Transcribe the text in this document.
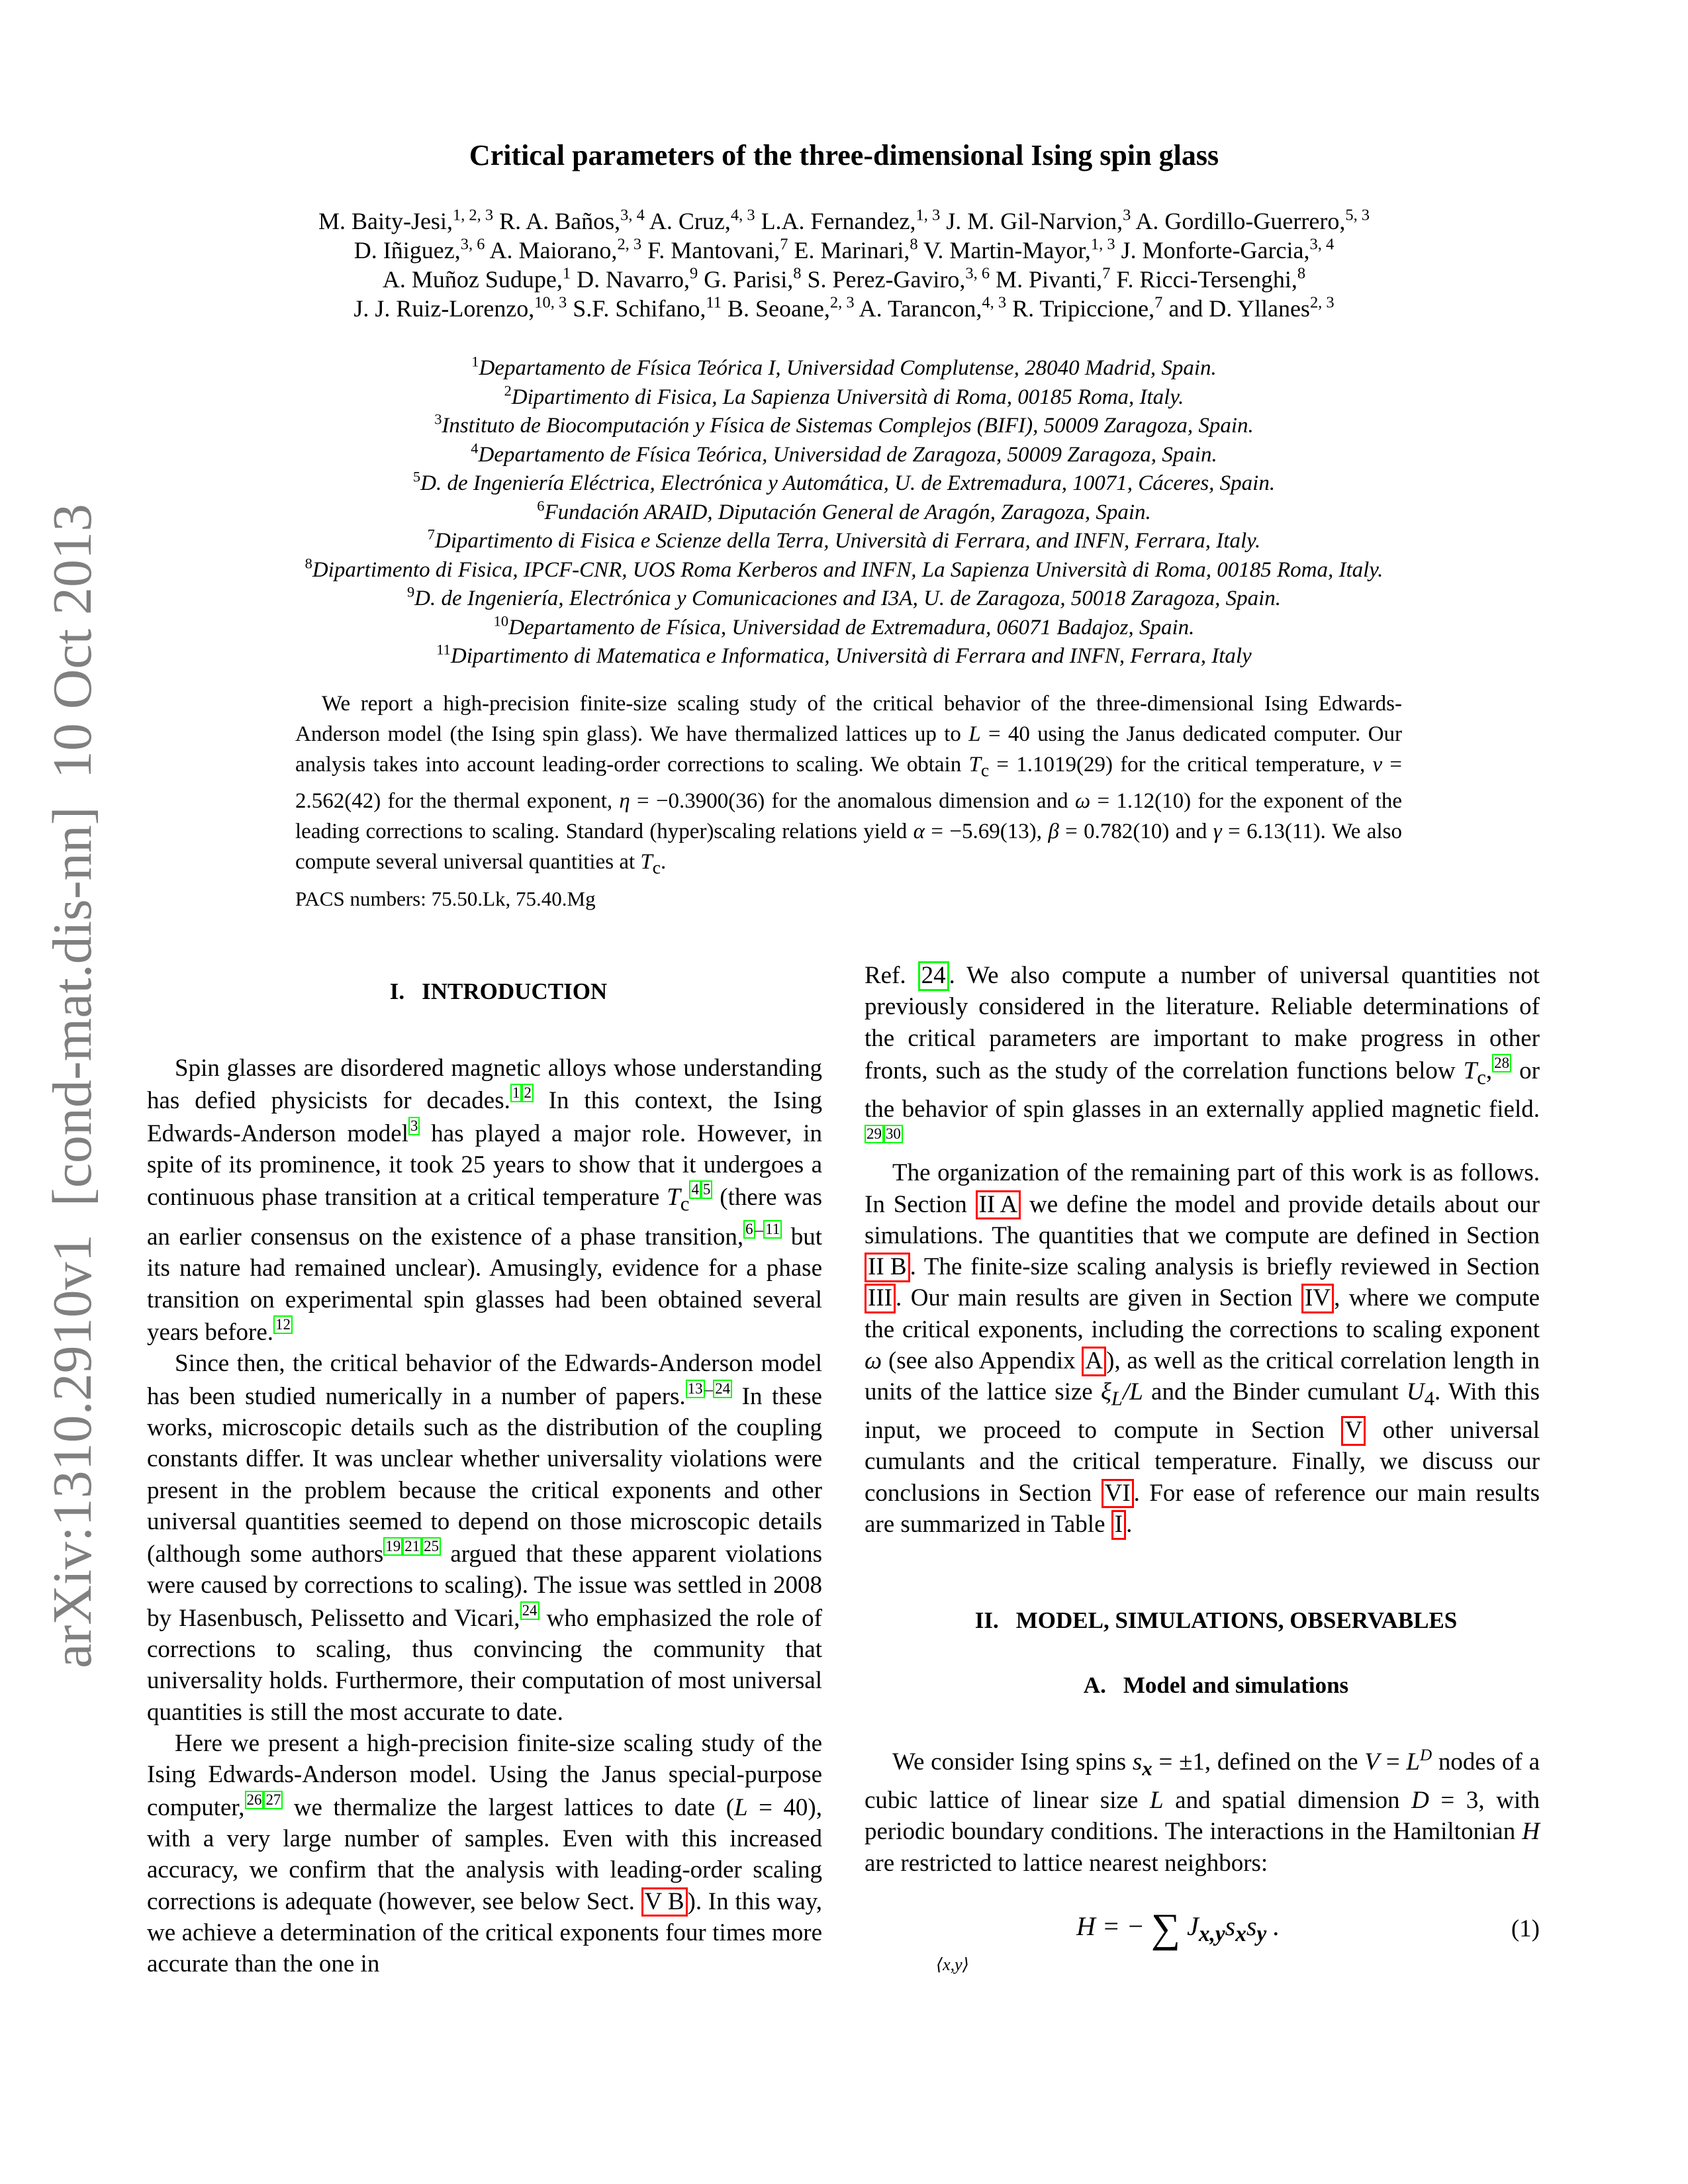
arXiv:1310.2910v1  [cond-mat.dis-nn]  10 Oct 2013
Critical parameters of the three-dimensional Ising spin glass
M. Baity-Jesi,$^{1, 2, 3}$ R. A. Baños,$^{3, 4}$ A. Cruz,$^{4, 3}$ L.A. Fernandez,$^{1, 3}$ J. M. Gil-Narvion,$^3$ A. Gordillo-Guerrero,$^{5, 3}$
D. Iñiguez,$^{3, 6}$ A. Maiorano,$^{2, 3}$ F. Mantovani,$^7$ E. Marinari,$^8$ V. Martin-Mayor,$^{1, 3}$ J. Monforte-Garcia,$^{3, 4}$
A. Muñoz Sudupe,$^1$ D. Navarro,$^9$ G. Parisi,$^8$ S. Perez-Gaviro,$^{3, 6}$ M. Pivanti,$^7$ F. Ricci-Tersenghi,$^8$
J. J. Ruiz-Lorenzo,$^{10, 3}$ S.F. Schifano,$^{11}$ B. Seoane,$^{2, 3}$ A. Tarancon,$^{4, 3}$ R. Tripiccione,$^7$ and D. Yllanes$^{2, 3}$
$^1$Departamento de Física Teórica I, Universidad Complutense, 28040 Madrid, Spain.
$^2$Dipartimento di Fisica, La Sapienza Università di Roma, 00185 Roma, Italy.
$^3$Instituto de Biocomputación y Física de Sistemas Complejos (BIFI), 50009 Zaragoza, Spain.
$^4$Departamento de Física Teórica, Universidad de Zaragoza, 50009 Zaragoza, Spain.
$^5$D. de Ingeniería Eléctrica, Electrónica y Automática, U. de Extremadura, 10071, Cáceres, Spain.
$^6$Fundación ARAID, Diputación General de Aragón, Zaragoza, Spain.
$^7$Dipartimento di Fisica e Scienze della Terra, Università di Ferrara, and INFN, Ferrara, Italy.
$^8$Dipartimento di Fisica, IPCF-CNR, UOS Roma Kerberos and INFN, La Sapienza Università di Roma, 00185 Roma, Italy.
$^9$D. de Ingeniería, Electrónica y Comunicaciones and I3A, U. de Zaragoza, 50018 Zaragoza, Spain.
$^{10}$Departamento de Física, Universidad de Extremadura, 06071 Badajoz, Spain.
$^{11}$Dipartimento di Matematica e Informatica, Università di Ferrara and INFN, Ferrara, Italy
We report a high-precision finite-size scaling study of the critical behavior of the three-dimensional Ising Edwards-Anderson model (the Ising spin glass). We have thermalized lattices up to L = 40 using the Janus dedicated computer. Our analysis takes into account leading-order corrections to scaling. We obtain $T_c = 1.1019(29)$ for the critical temperature, ν = 2.562(42) for the thermal exponent, η = −0.3900(36) for the anomalous dimension and ω = 1.12(10) for the exponent of the leading corrections to scaling. Standard (hyper)scaling relations yield α = −5.69(13), β = 0.782(10) and γ = 6.13(11). We also compute several universal quantities at $T_c$.
PACS numbers: 75.50.Lk, 75.40.Mg

I. INTRODUCTION

Spin glasses are disordered magnetic alloys whose understanding has defied physicists for decades. 1 2 In this context, the Ising Edwards-Anderson model 3 has played a major role. However, in spite of its prominence, it took 25 years to show that it undergoes a continuous phase transition at a critical temperature $T_c4$ 5 (there was an earlier consensus on the existence of a phase transition, 6 – 11 but its nature had remained unclear). Amusingly, evidence for a phase transition on experimental spin glasses had been obtained several years before. 12

Since then, the critical behavior of the Edwards-Anderson model has been studied numerically in a number of papers. 13 – 24 In these works, microscopic details such as the distribution of the coupling constants differ. It was unclear whether universality violations were present in the problem because the critical exponents and other universal quantities seemed to depend on those microscopic details (although some authors 19 21 25 argued that these apparent violations were caused by corrections to scaling). The issue was settled in 2008 by Hasenbusch, Pelissetto and Vicari, 24 who emphasized the role of corrections to scaling, thus convincing the community that universality holds. Furthermore, their computation of most universal quantities is still the most accurate to date.

Here we present a high-precision finite-size scaling study of the Ising Edwards-Anderson model. Using the Janus special-purpose computer, 26 27 we thermalize the largest lattices to date (L = 40), with a very large number of samples. Even with this increased accuracy, we confirm that the analysis with leading-order scaling corrections is adequate (however, see below Sect. V B ). In this way, we achieve a determination of the critical exponents four times more accurate than the one in

Ref. 24 . We also compute a number of universal quantities not previously considered in the literature. Reliable determinations of the critical parameters are important to make progress in other fronts, such as the study of the correlation functions below $T_c$, 28 or the behavior of spin glasses in an externally applied magnetic field.29 30

The organization of the remaining part of this work is as follows. In Section II A we define the model and provide details about our simulations. The quantities that we compute are defined in Section II B . The finite-size scaling analysis is briefly reviewed in Section III . Our main results are given in Section IV , where we compute the critical exponents, including the corrections to scaling exponent ω (see also Appendix A ), as well as the critical correlation length in units of the lattice size $\xi_L/L$ and the Binder cumulant $U_4$. With this input, we proceed to compute in Section V other universal cumulants and the critical temperature. Finally, we discuss our conclusions in Section VI . For ease of reference our main results are summarized in Table I .

II. MODEL, SIMULATIONS, OBSERVABLES

A. Model and simulations

We consider Ising spins $s_x = \pm 1$, defined on the $V = L^D$ nodes of a cubic lattice of linear size L and spatial dimension D = 3, with periodic boundary conditions. The interactions in the Hamiltonian H are restricted to lattice nearest neighbors:

H = − ∑ $J_{x,y}s_xs_y$ .
⟨x,y⟩
(1)
